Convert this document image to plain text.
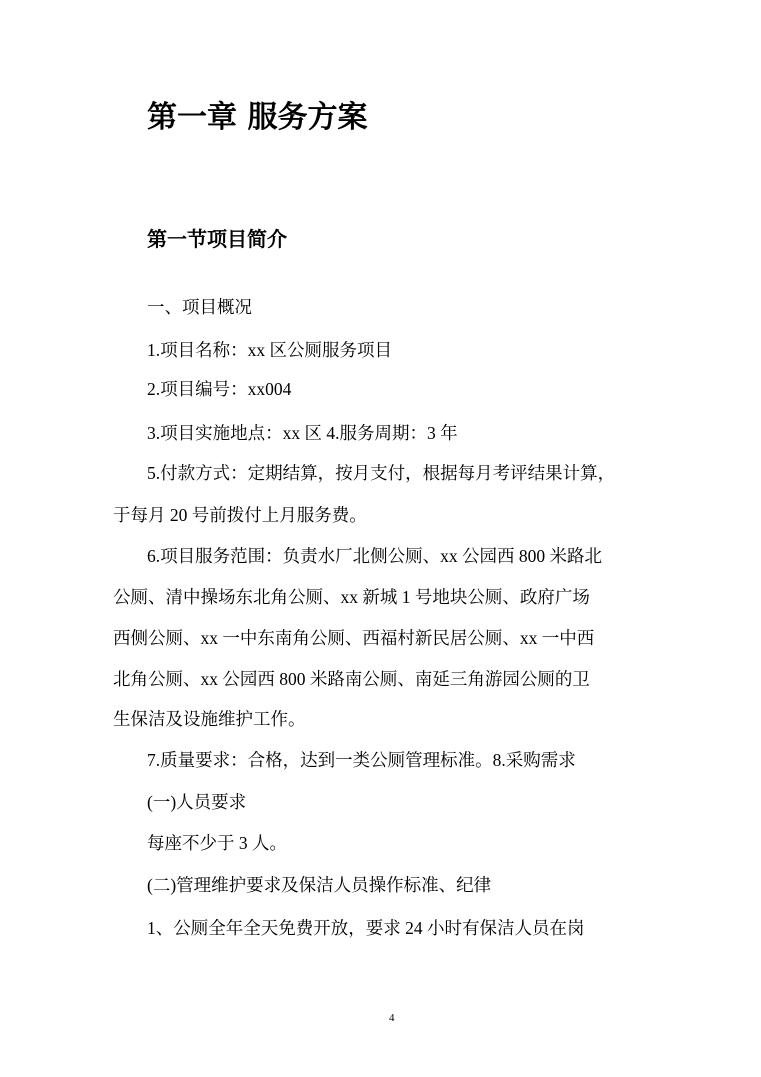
第一章 服务方案
第一节项目简介
一、项目概况
1.项目名称：xx 区公厕服务项目
2.项目编号：xx004
3.项目实施地点：xx 区 4.服务周期：3 年
5.付款方式：定期结算，按月支付，根据每月考评结果计算，
于每月 20 号前拨付上月服务费。
6.项目服务范围：负责水厂北侧公厕、xx 公园西 800 米路北
公厕、清中操场东北角公厕、xx 新城 1 号地块公厕、政府广场
西侧公厕、xx 一中东南角公厕、西福村新民居公厕、xx 一中西
北角公厕、xx 公园西 800 米路南公厕、南延三角游园公厕的卫
生保洁及设施维护工作。
7.质量要求：合格，达到一类公厕管理标准。8.采购需求
(一)人员要求
每座不少于 3 人。
(二)管理维护要求及保洁人员操作标准、纪律
1、公厕全年全天免费开放，要求 24 小时有保洁人员在岗
4
